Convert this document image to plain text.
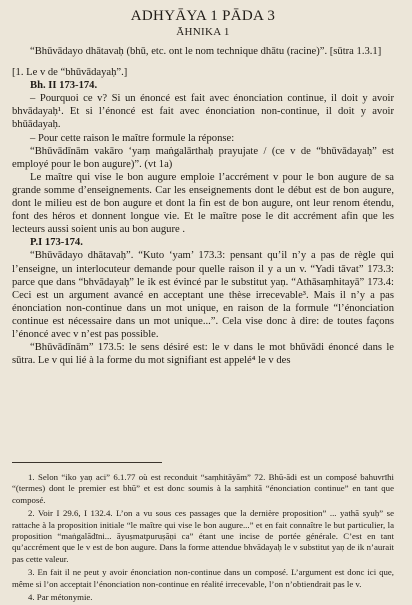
ADHYĀYA 1 PĀDA 3
ĀHNIKA 1

“Bhūvādayo dhātavaḥ (bhū, etc. ont le nom technique dhātu (racine)”. [sūtra 1.3.1]

[1. Le v de “bhūvādayaḥ”.]

Bh. II 173-174.

– Pourquoi ce v? Si un énoncé est fait avec énonciation continue, il doit y avoir bhvādayaḥ¹. Et si l’énoncé est fait avec énonciation non-continue, il doit y avoir bhūādayaḥ.

– Pour cette raison le maître formule la réponse:

“Bhūvādīnām vakāro ‘yaṃ maṅgalārthaḥ prayujate / (ce v de “bhūvādayaḥ” est employé pour le bon augure)”. (vt 1a)

Le maître qui vise le bon augure emploie l’accrément v pour le bon augure de sa grande somme d’enseignements. Car les enseignements dont le début est de bon augure, dont le milieu est de bon augure et dont la fin est de bon augure, ont leur renom étendu, font des héros et donnent longue vie. Et le maître pose le dit accrément afin que les lecteurs aussi soient unis au bon augure .

P.I 173-174.

“Bhūvādayo dhātavaḥ”. “Kuto ‘yam’ 173.3: pensant qu’il n’y a pas de règle qui l’enseigne, un interlocuteur demande pour quelle raison il y a un v. “Yadi tāvat” 173.3: parce que dans “bhvādayaḥ” le ik est évincé par le substitut yaṇ. “Athāsaṃhitayā” 173.4: Ceci est un argument avancé en acceptant une thèse irrecevable³. Mais il n’y a pas énonciation non-continue dans un mot unique, en raison de la formule “l’énonciation continue est nécessaire dans un mot unique...”. Cela vise donc à dire: de toutes façons l’énoncé avec v n’est pas possible.

“Bhūvādīnām” 173.5: le sens désiré est: le v dans le mot bhūvādi énoncé dans le sūtra. Le v qui lié à la forme du mot signifiant est appelé⁴ le v des

1. Selon “iko yaṇ aci” 6.1.77 où est reconduit “saṃhitāyām” 72. Bhū-ādi est un composé bahuvrīhi “(termes) dont le premier est bhū” et est donc soumis à la saṃhitā “énonciation continue” en tant que composé.

2. Voir I 29.6, I 132.4. L’on a vu sous ces passages que la dernière proposition” ... yathā syuḥ” se rattache à la proposition initiale “le maître qui vise le bon augure...” et en fait connaître le but particulier, la proposition “maṅgalādīni... āyuṣmatpuruṣāṇi ca” étant une incise de portée générale. C’est en tant qu’accrément que le v est de bon augure. Dans la forme attendue bhvādayaḥ le v substitut yaṇ de ik n’aurait pas cette valeur.

3. En fait il ne peut y avoir énonciation non-continue dans un composé. L’argument est donc ici que, même si l’on acceptait l’énonciation non-continue en réalité irrecevable, l’on n’obtiendrait pas le v.

4. Par métonymie.
